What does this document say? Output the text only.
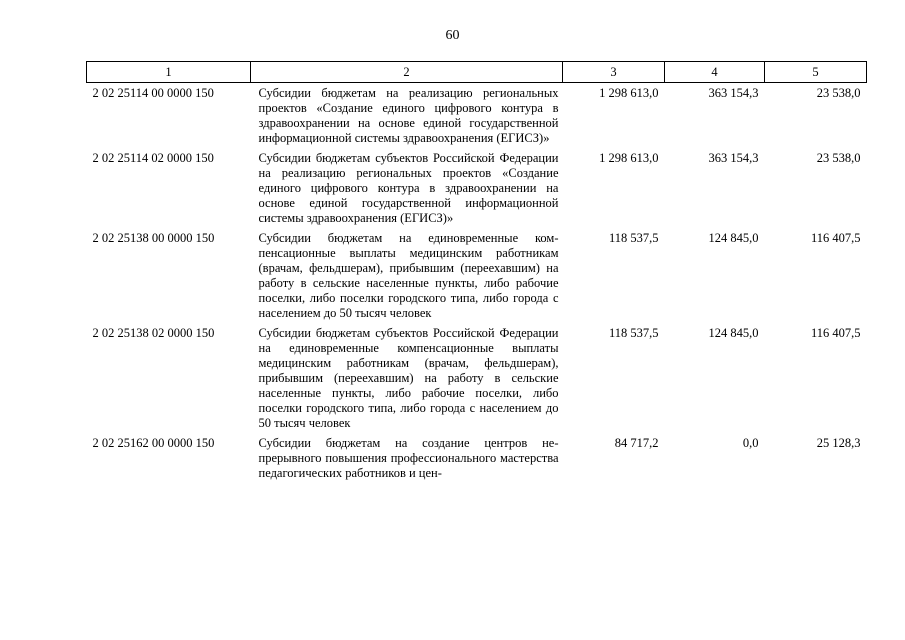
60
1	2	3	4	5
2 02 25114 00 0000 150	Субсидии бюджетам на реализацию региональных проектов «Создание единого цифрового контура в здравоохранении на основе единой государственной информационной системы здравоохранения (ЕГИСЗ)»	1 298 613,0	363 154,3	23 538,0
2 02 25114 02 0000 150	Субсидии бюджетам субъектов Российской Федерации на реализацию региональных проектов «Создание единого цифрового контура в здравоохранении на основе единой государственной информационной системы здравоохранения (ЕГИСЗ)»	1 298 613,0	363 154,3	23 538,0
2 02 25138 00 0000 150	Субсидии бюджетам на единовременные компенсационные выплаты медицинским работникам (врачам, фельдшерам), прибывшим (переехавшим) на работу в сельские населенные пункты, либо рабочие поселки, либо поселки городского типа, либо города с населением до 50 тысяч человек	118 537,5	124 845,0	116 407,5
2 02 25138 02 0000 150	Субсидии бюджетам субъектов Российской Федерации на единовременные компенсационные выплаты медицинским работникам (врачам, фельдшерам), прибывшим (переехавшим) на работу в сельские населенные пункты, либо рабочие поселки, либо поселки городского типа, либо города с населением до 50 тысяч человек	118 537,5	124 845,0	116 407,5
2 02 25162 00 0000 150	Субсидии бюджетам на создание центров непрерывного повышения профессионального мастерства педагогических работников и цен-	84 717,2	0,0	25 128,3
